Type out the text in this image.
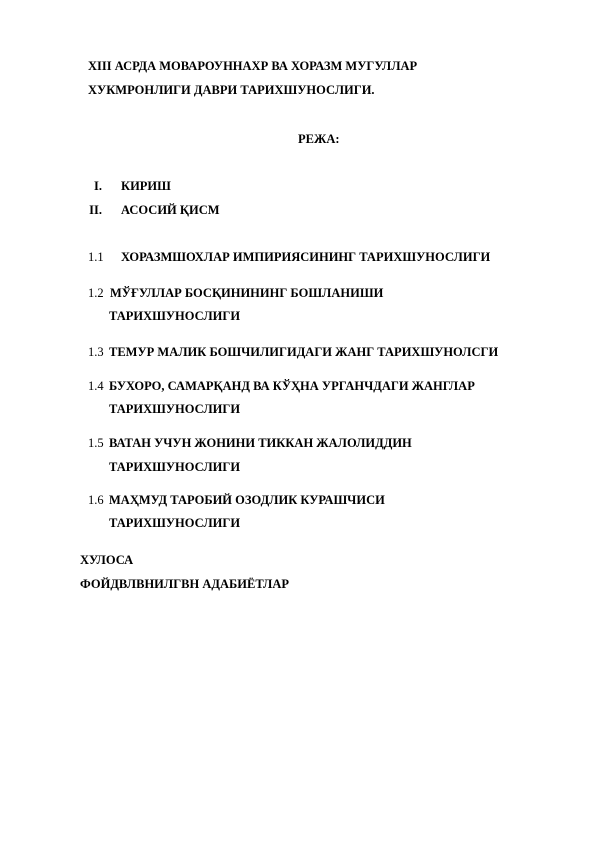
XIII АСРДА МОВАРОУННАХР ВА ХОРАЗМ МУГУЛЛАР
ХУКМРОНЛИГИ ДАВРИ ТАРИХШУНОСЛИГИ.
РЕЖА:
I. КИРИШ
II. АСОСИЙ ҚИСМ
1.1 ХОРАЗМШОХЛАР ИМПИРИЯСИНИНГ ТАРИХШУНОСЛИГИ
1.2 МЎҒУЛЛАР БОСҚИНИНИНГ БОШЛАНИШИ
ТАРИХШУНОСЛИГИ
1.3 ТЕМУР МАЛИК БОШЧИЛИГИДАГИ ЖАНГ ТАРИХШУНОЛСГИ
1.4 БУХОРО, САМАРҚАНД ВА КЎҲНА УРГАНЧДАГИ ЖАНГЛАР
ТАРИХШУНОСЛИГИ
1.5 ВАТАН УЧУН ЖОНИНИ ТИККАН ЖАЛОЛИДДИН
ТАРИХШУНОСЛИГИ
1.6 МАҲМУД ТАРОБИЙ ОЗОДЛИК КУРАШЧИСИ
ТАРИХШУНОСЛИГИ
ХУЛОСА
ФОЙДВЛВНИЛГВН АДАБИЁТЛАР
